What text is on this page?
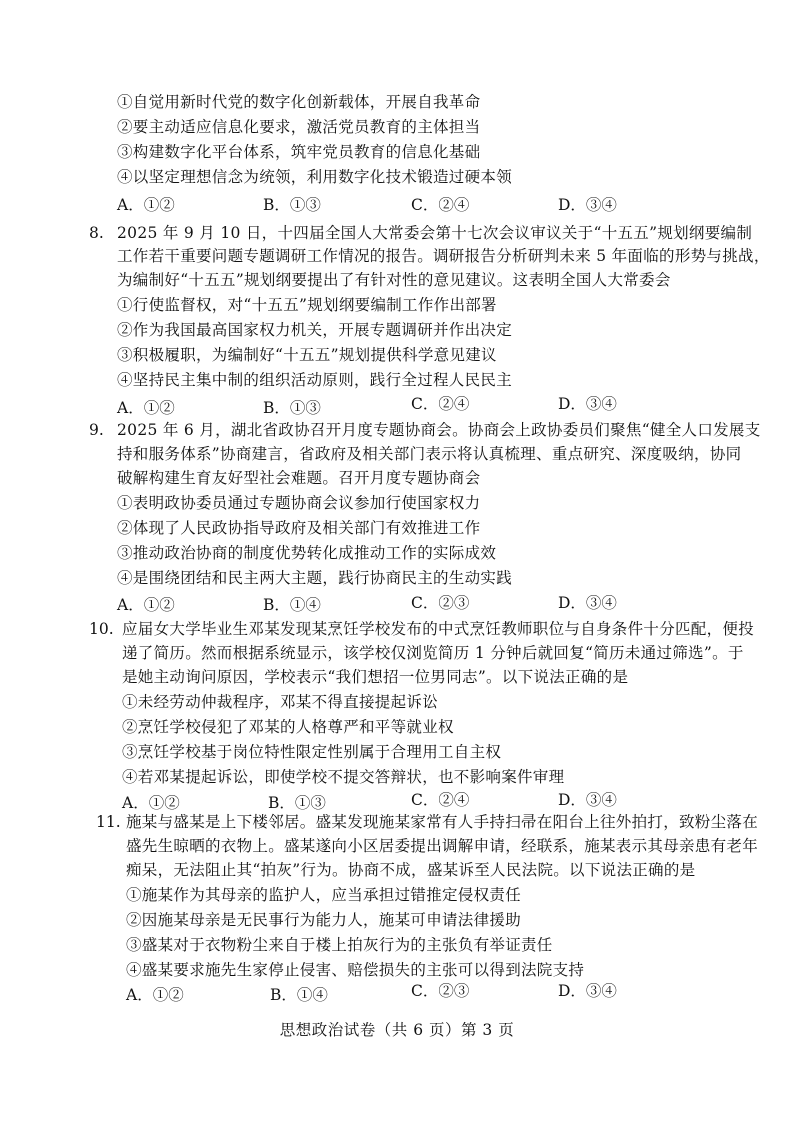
①自觉用新时代党的数字化创新载体，开展自我革命
②要主动适应信息化要求，激活党员教育的主体担当
③构建数字化平台体系，筑牢党员教育的信息化基础
④以坚定理想信念为统领，利用数字化技术锻造过硬本领
A．①②	B．①③	C．②④	D．③④
8. 2025 年 9 月 10 日，十四届全国人大常委会第十七次会议审议关于“十五五”规划纲要编制
工作若干重要问题专题调研工作情况的报告。调研报告分析研判未来 5 年面临的形势与挑战，
为编制好“十五五”规划纲要提出了有针对性的意见建议。这表明全国人大常委会
①行使监督权，对“十五五”规划纲要编制工作作出部署
②作为我国最高国家权力机关，开展专题调研并作出决定
③积极履职，为编制好“十五五”规划提供科学意见建议
④坚持民主集中制的组织活动原则，践行全过程人民民主
A．①②	B．①③	C．②④	D．③④
9. 2025 年 6 月，湖北省政协召开月度专题协商会。协商会上政协委员们聚焦“健全人口发展支
持和服务体系”协商建言，省政府及相关部门表示将认真梳理、重点研究、深度吸纳，协同
破解构建生育友好型社会难题。召开月度专题协商会
①表明政协委员通过专题协商会议参加行使国家权力
②体现了人民政协指导政府及相关部门有效推进工作
③推动政治协商的制度优势转化成推动工作的实际成效
④是围绕团结和民主两大主题，践行协商民主的生动实践
A．①②	B．①④	C．②③	D．③④
10. 应届女大学毕业生邓某发现某烹饪学校发布的中式烹饪教师职位与自身条件十分匹配，便投
递了简历。然而根据系统显示，该学校仅浏览简历 1 分钟后就回复“简历未通过筛选”。于
是她主动询问原因，学校表示“我们想招一位男同志”。以下说法正确的是
①未经劳动仲裁程序，邓某不得直接提起诉讼
②烹饪学校侵犯了邓某的人格尊严和平等就业权
③烹饪学校基于岗位特性限定性别属于合理用工自主权
④若邓某提起诉讼，即使学校不提交答辩状，也不影响案件审理
A．①②	B．①③	C．②④	D．③④
11. 施某与盛某是上下楼邻居。盛某发现施某家常有人手持扫帚在阳台上往外拍打，致粉尘落在
盛先生晾晒的衣物上。盛某遂向小区居委提出调解申请，经联系，施某表示其母亲患有老年
痴呆，无法阻止其“拍灰”行为。协商不成，盛某诉至人民法院。以下说法正确的是
①施某作为其母亲的监护人，应当承担过错推定侵权责任
②因施某母亲是无民事行为能力人，施某可申请法律援助
③盛某对于衣物粉尘来自于楼上拍灰行为的主张负有举证责任
④盛某要求施先生家停止侵害、赔偿损失的主张可以得到法院支持
A．①②	B．①④	C．②③	D．③④
思想政治试卷（共 6 页）第 3 页
